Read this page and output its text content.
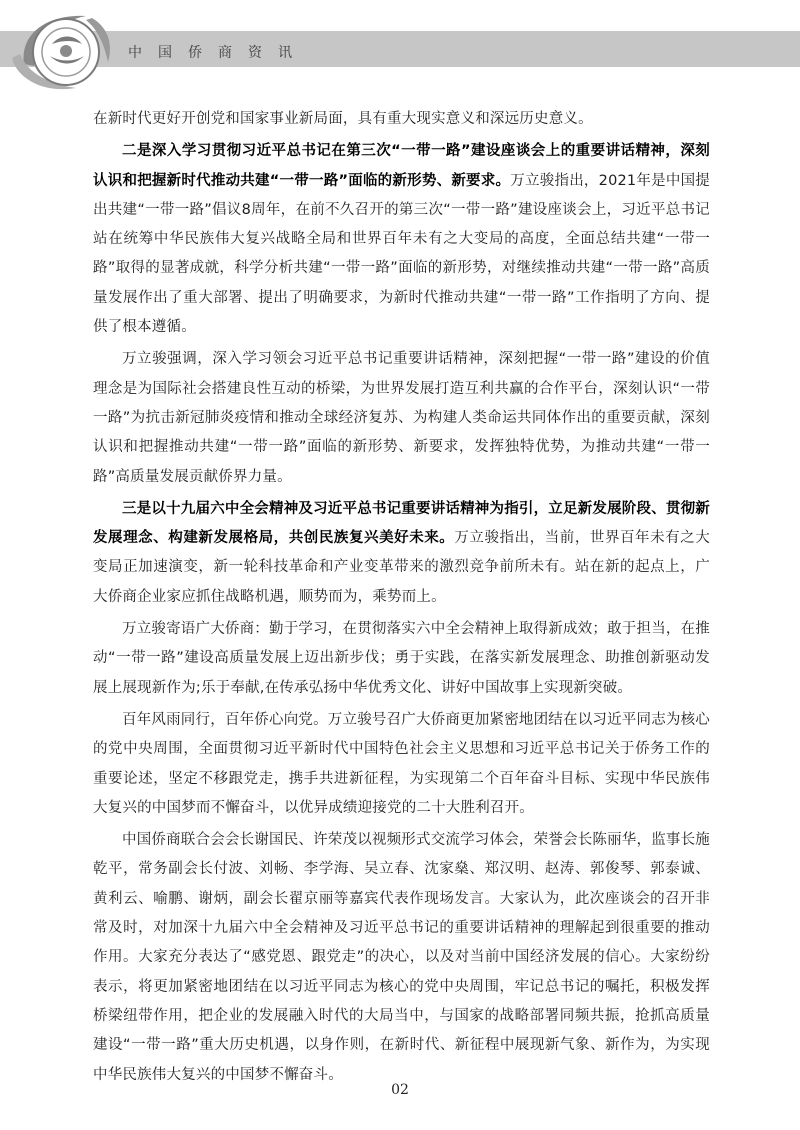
中国侨商资讯

在新时代更好开创党和国家事业新局面，具有重大现实意义和深远历史意义。

二是深入学习贯彻习近平总书记在第三次“一带一路”建设座谈会上的重要讲话精神，深刻认识和把握新时代推动共建“一带一路”面临的新形势、新要求。万立骏指出，2021年是中国提出共建“一带一路”倡议8周年，在前不久召开的第三次“一带一路”建设座谈会上，习近平总书记站在统筹中华民族伟大复兴战略全局和世界百年未有之大变局的高度，全面总结共建“一带一路”取得的显著成就，科学分析共建“一带一路”面临的新形势，对继续推动共建“一带一路”高质量发展作出了重大部署、提出了明确要求，为新时代推动共建“一带一路”工作指明了方向、提供了根本遵循。

万立骏强调，深入学习领会习近平总书记重要讲话精神，深刻把握“一带一路”建设的价值理念是为国际社会搭建良性互动的桥梁，为世界发展打造互利共赢的合作平台，深刻认识“一带一路”为抗击新冠肺炎疫情和推动全球经济复苏、为构建人类命运共同体作出的重要贡献，深刻认识和把握推动共建“一带一路”面临的新形势、新要求，发挥独特优势，为推动共建“一带一路”高质量发展贡献侨界力量。

三是以十九届六中全会精神及习近平总书记重要讲话精神为指引，立足新发展阶段、贯彻新发展理念、构建新发展格局，共创民族复兴美好未来。万立骏指出，当前，世界百年未有之大变局正加速演变，新一轮科技革命和产业变革带来的激烈竞争前所未有。站在新的起点上，广大侨商企业家应抓住战略机遇，顺势而为，乘势而上。

万立骏寄语广大侨商：勤于学习，在贯彻落实六中全会精神上取得新成效；敢于担当，在推动“一带一路”建设高质量发展上迈出新步伐；勇于实践，在落实新发展理念、助推创新驱动发展上展现新作为;乐于奉献,在传承弘扬中华优秀文化、讲好中国故事上实现新突破。

百年风雨同行，百年侨心向党。万立骏号召广大侨商更加紧密地团结在以习近平同志为核心的党中央周围，全面贯彻习近平新时代中国特色社会主义思想和习近平总书记关于侨务工作的重要论述，坚定不移跟党走，携手共进新征程，为实现第二个百年奋斗目标、实现中华民族伟大复兴的中国梦而不懈奋斗，以优异成绩迎接党的二十大胜利召开。

中国侨商联合会会长谢国民、许荣茂以视频形式交流学习体会，荣誉会长陈丽华，监事长施乾平，常务副会长付波、刘畅、李学海、吴立春、沈家燊、郑汉明、赵涛、郭俊琴、郭泰诚、黄利云、喻鹏、谢炳，副会长翟京丽等嘉宾代表作现场发言。大家认为，此次座谈会的召开非常及时，对加深十九届六中全会精神及习近平总书记的重要讲话精神的理解起到很重要的推动作用。大家充分表达了“感党恩、跟党走”的决心，以及对当前中国经济发展的信心。大家纷纷表示，将更加紧密地团结在以习近平同志为核心的党中央周围，牢记总书记的嘱托，积极发挥桥梁纽带作用，把企业的发展融入时代的大局当中，与国家的战略部署同频共振，抢抓高质量建设“一带一路”重大历史机遇，以身作则，在新时代、新征程中展现新气象、新作为，为实现中华民族伟大复兴的中国梦不懈奋斗。

02
